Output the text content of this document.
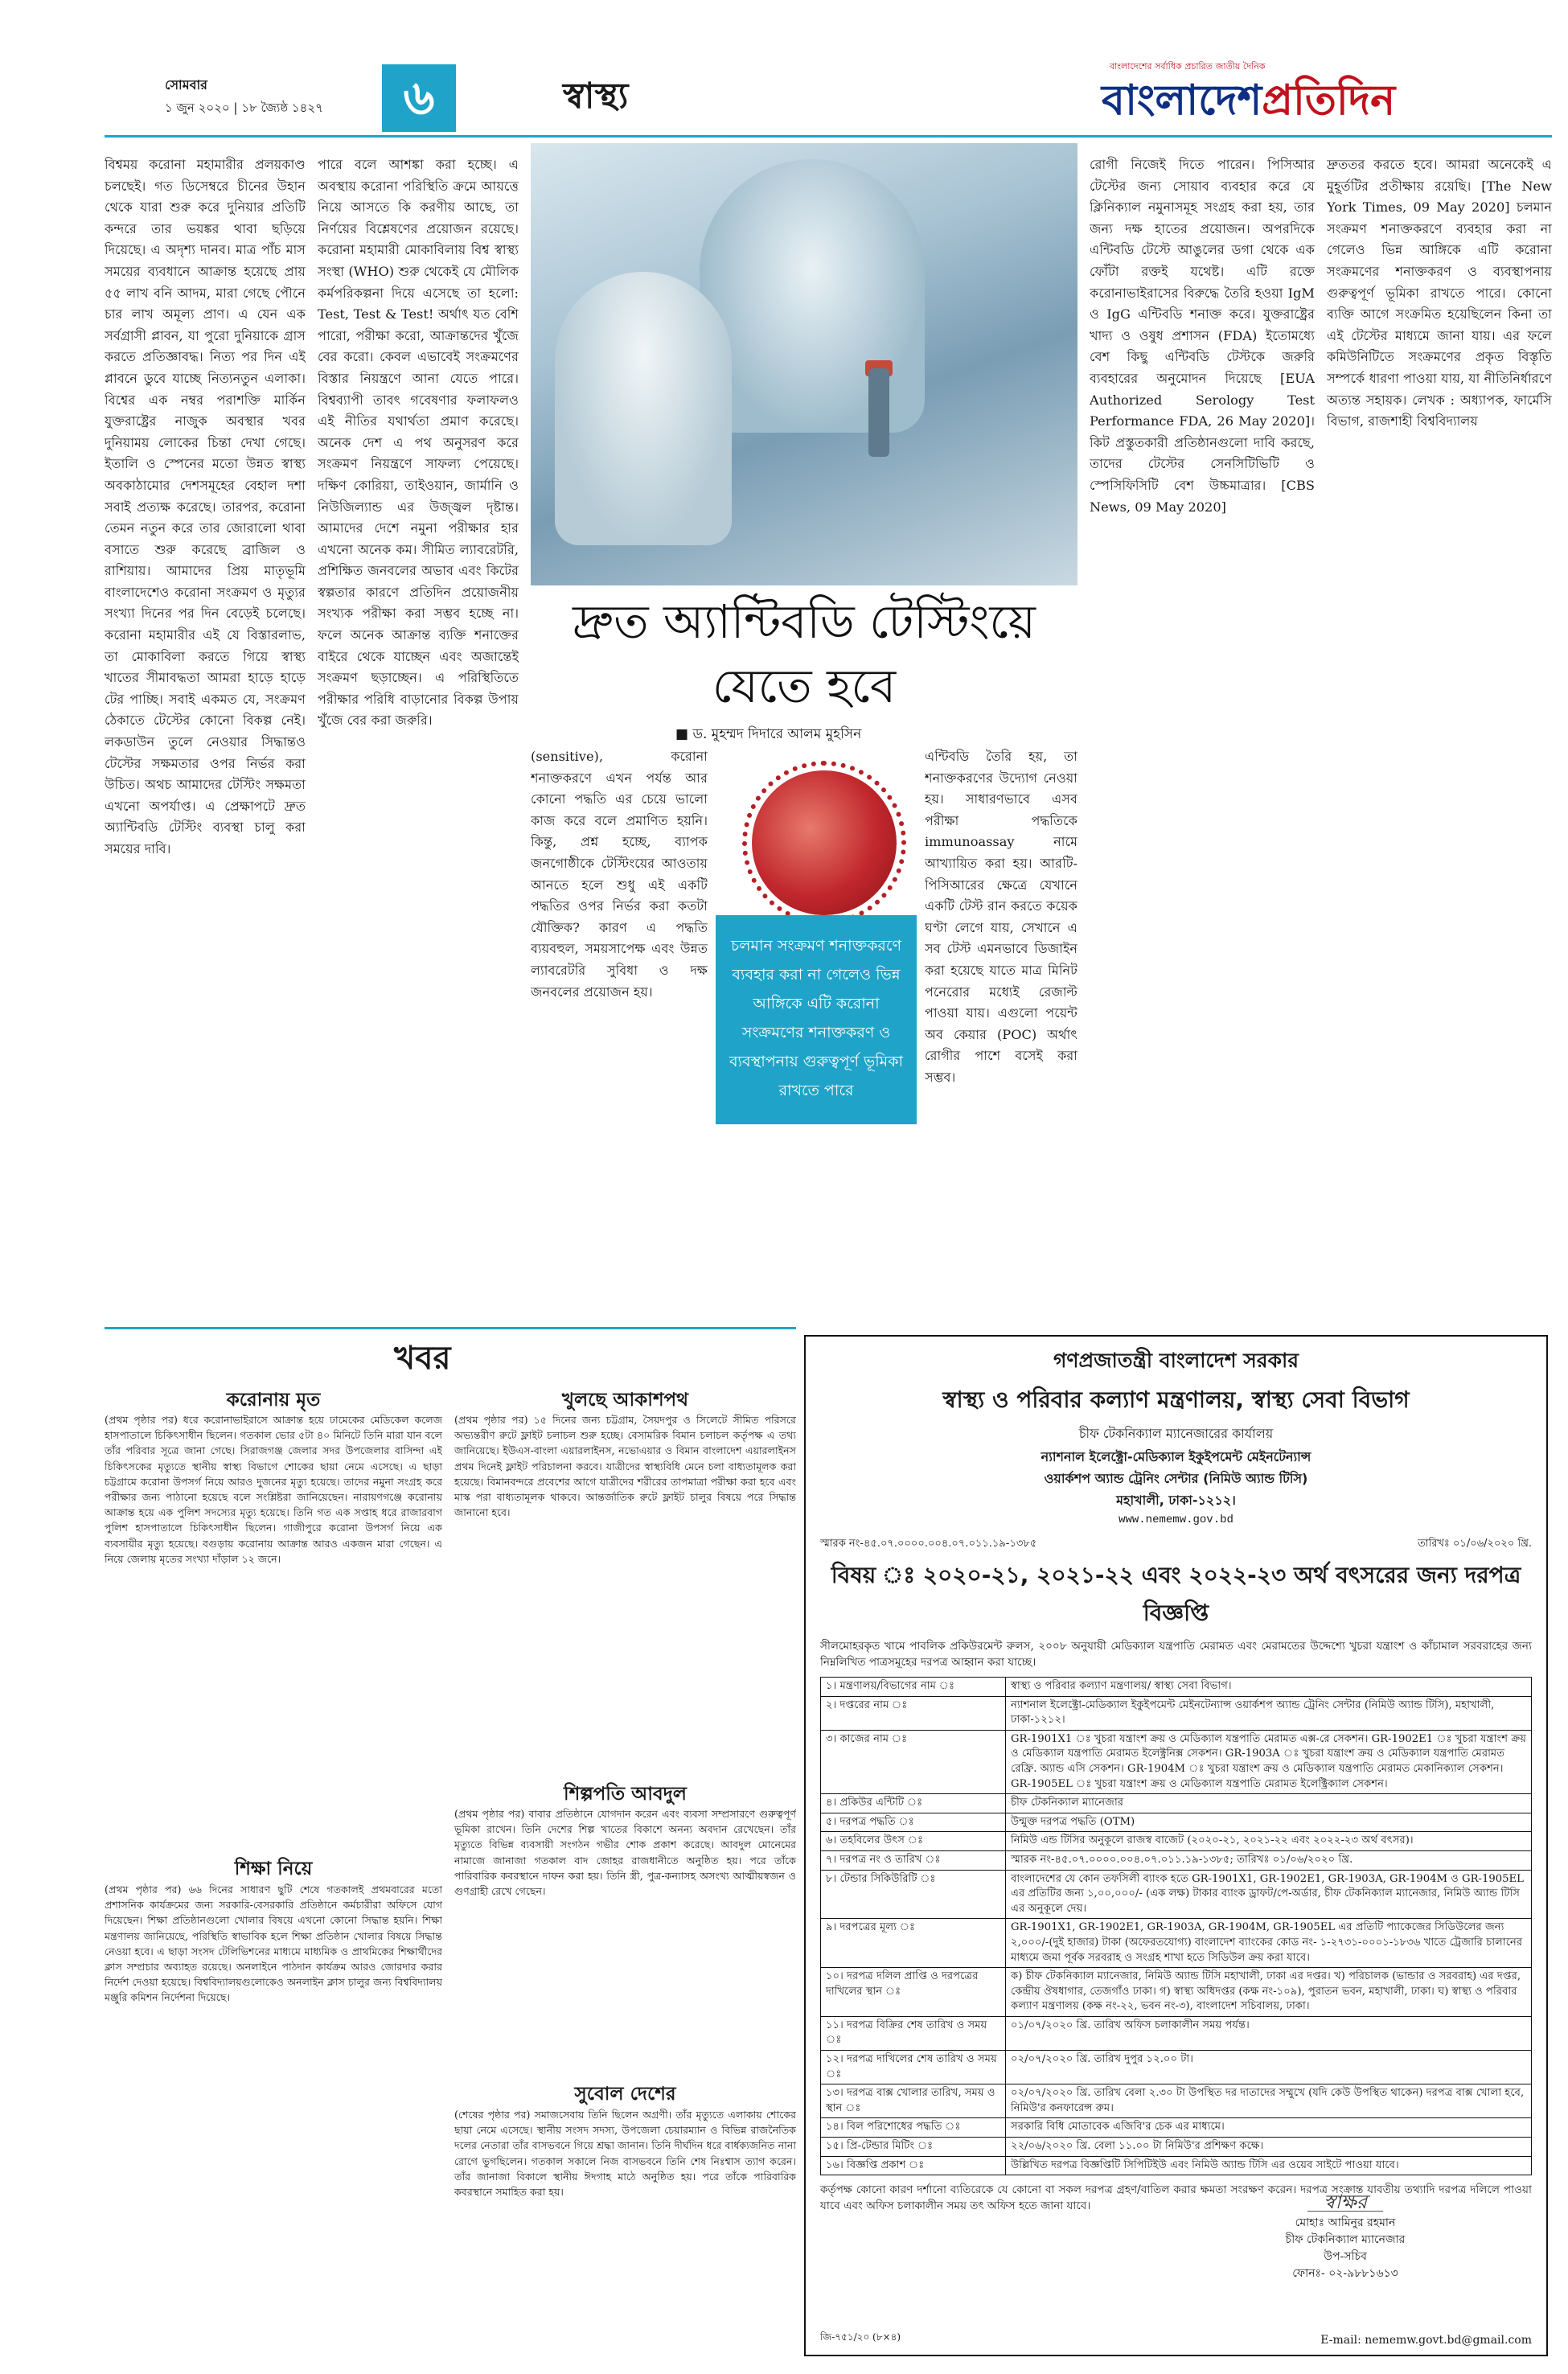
সোমবার
১ জুন ২০২০ | ১৮ জ্যৈষ্ঠ ১৪২৭	৬	স্বাস্থ্য
বাংলাদেশের সর্বাধিক প্রচারিত জাতীয় দৈনিক
বাংলাদেশপ্রতিদিন
বিশ্বময় করোনা মহামারীর প্রলয়কাণ্ড চলছেই। গত ডিসেম্বরে চীনের উহান থেকে যারা শুরু করে দুনিয়ার প্রতিটি কন্দরে তার ভয়ঙ্কর থাবা ছড়িয়ে দিয়েছে। এ অদৃশ্য দানব। মাত্র পাঁচ মাস সময়ের ব্যবধানে আক্রান্ত হয়েছে প্রায় ৫৫ লাখ বনি আদম, মারা গেছে পৌনে চার লাখ অমূল্য প্রাণ। এ যেন এক সর্বগ্রাসী প্লাবন, যা পুরো দুনিয়াকে গ্রাস করতে প্রতিজ্ঞাবদ্ধ। নিত্য পর দিন এই প্লাবনে ডুবে যাচ্ছে নিত্যনতুন এলাকা। বিশ্বের এক নম্বর পরাশক্তি মার্কিন যুক্তরাষ্ট্রের নাজুক অবস্থার খবর দুনিয়াময় লোকের চিন্তা দেখা গেছে। ইতালি ও স্পেনের মতো উন্নত স্বাস্থ্য অবকাঠামোর দেশসমূহের বেহাল দশা সবাই প্রত্যক্ষ করেছে। তারপর, করোনা তেমন নতুন করে তার জোরালো থাবা বসাতে শুরু করেছে ব্রাজিল ও রাশিয়ায়। আমাদের প্রিয় মাতৃভূমি বাংলাদেশেও করোনা সংক্রমণ ও মৃত্যুর সংখ্যা দিনের পর দিন বেড়েই চলেছে। করোনা মহামারীর এই যে বিস্তারলাভ, তা মোকাবিলা করতে গিয়ে স্বাস্থ্য খাতের সীমাবদ্ধতা আমরা হাড়ে হাড়ে টের পাচ্ছি। সবাই একমত যে, সংক্রমণ ঠেকাতে টেস্টের কোনো বিকল্প নেই। লকডাউন তুলে নেওয়ার সিদ্ধান্তও টেস্টের সক্ষমতার ওপর নির্ভর করা উচিত। অথচ আমাদের টেস্টিং সক্ষমতা এখনো অপর্যাপ্ত। এ প্রেক্ষাপটে দ্রুত অ্যান্টিবডি টেস্টিং ব্যবস্থা চালু করা সময়ের দাবি।
পারে বলে আশঙ্কা করা হচ্ছে। এ অবস্থায় করোনা পরিস্থিতি ক্রমে আয়ত্তে নিয়ে আসতে কি করণীয় আছে, তা নির্ণয়ের বিশ্লেষণের প্রয়োজন রয়েছে। করোনা মহামারী মোকাবিলায় বিশ্ব স্বাস্থ্য সংস্থা (WHO) শুরু থেকেই যে মৌলিক কর্মপরিকল্পনা দিয়ে এসেছে তা হলো: Test, Test & Test! অর্থাৎ যত বেশি পারো, পরীক্ষা করো, আক্রান্তদের খুঁজে বের করো। কেবল এভাবেই সংক্রমণের বিস্তার নিয়ন্ত্রণে আনা যেতে পারে। বিশ্বব্যাপী তাবৎ গবেষণার ফলাফলও এই নীতির যথার্থতা প্রমাণ করেছে। অনেক দেশ এ পথ অনুসরণ করে সংক্রমণ নিয়ন্ত্রণে সাফল্য পেয়েছে। দক্ষিণ কোরিয়া, তাইওয়ান, জার্মানি ও নিউজিল্যান্ড এর উজ্জ্বল দৃষ্টান্ত। আমাদের দেশে নমুনা পরীক্ষার হার এখনো অনেক কম। সীমিত ল্যাবরেটরি, প্রশিক্ষিত জনবলের অভাব এবং কিটের স্বল্পতার কারণে প্রতিদিন প্রয়োজনীয় সংখ্যক পরীক্ষা করা সম্ভব হচ্ছে না। ফলে অনেক আক্রান্ত ব্যক্তি শনাক্তের বাইরে থেকে যাচ্ছেন এবং অজান্তেই সংক্রমণ ছড়াচ্ছেন। এ পরিস্থিতিতে পরীক্ষার পরিধি বাড়ানোর বিকল্প উপায় খুঁজে বের করা জরুরি।
দ্রুত অ্যান্টিবডি টেস্টিংয়ে
যেতে হবে
■ ড. মুহম্মদ দিদারে আলম মুহসিন
(sensitive), করোনা শনাক্তকরণে এখন পর্যন্ত আর কোনো পদ্ধতি এর চেয়ে ভালো কাজ করে বলে প্রমাণিত হয়নি। কিন্তু, প্রশ্ন হচ্ছে, ব্যাপক জনগোষ্ঠীকে টেস্টিংয়ের আওতায় আনতে হলে শুধু এই একটি পদ্ধতির ওপর নির্ভর করা কতটা যৌক্তিক? কারণ এ পদ্ধতি ব্যয়বহুল, সময়সাপেক্ষ এবং উন্নত ল্যাবরেটরি সুবিধা ও দক্ষ জনবলের প্রয়োজন হয়।
চলমান সংক্রমণ শনাক্তকরণে ব্যবহার করা না গেলেও ভিন্ন আঙ্গিকে এটি করোনা সংক্রমণের শনাক্তকরণ ও ব্যবস্থাপনায় গুরুত্বপূর্ণ ভূমিকা রাখতে পারে
এন্টিবডি তৈরি হয়, তা শনাক্তকরণের উদ্যোগ নেওয়া হয়। সাধারণভাবে এসব পরীক্ষা পদ্ধতিকে immunoassay নামে আখ্যায়িত করা হয়। আরটি-পিসিআরের ক্ষেত্রে যেখানে একটি টেস্ট রান করতে কয়েক ঘণ্টা লেগে যায়, সেখানে এ সব টেস্ট এমনভাবে ডিজাইন করা হয়েছে যাতে মাত্র মিনিট পনেরোর মধ্যেই রেজাল্ট পাওয়া যায়। এগুলো পয়েন্ট অব কেয়ার (POC) অর্থাৎ রোগীর পাশে বসেই করা সম্ভব।
রোগী নিজেই দিতে পারেন। পিসিআর টেস্টের জন্য সোয়াব ব্যবহার করে যে ক্লিনিক্যাল নমুনাসমূহ সংগ্রহ করা হয়, তার জন্য দক্ষ হাতের প্রয়োজন। অপরদিকে এন্টিবডি টেস্টে আঙুলের ডগা থেকে এক ফোঁটা রক্তই যথেষ্ট। এটি রক্তে করোনাভাইরাসের বিরুদ্ধে তৈরি হওয়া IgM ও IgG এন্টিবডি শনাক্ত করে। যুক্তরাষ্ট্রের খাদ্য ও ওষুধ প্রশাসন (FDA) ইতোমধ্যে বেশ কিছু এন্টিবডি টেস্টকে জরুরি ব্যবহারের অনুমোদন দিয়েছে [EUA Authorized Serology Test Performance FDA, 26 May 2020]। কিট প্রস্তুতকারী প্রতিষ্ঠানগুলো দাবি করছে, তাদের টেস্টের সেনসিটিভিটি ও স্পেসিফিসিটি বেশ উচ্চমাত্রার। [CBS News, 09 May 2020]
দ্রুততর করতে হবে। আমরা অনেকেই এ মুহূর্তটির প্রতীক্ষায় রয়েছি। [The New York Times, 09 May 2020] চলমান সংক্রমণ শনাক্তকরণে ব্যবহার করা না গেলেও ভিন্ন আঙ্গিকে এটি করোনা সংক্রমণের শনাক্তকরণ ও ব্যবস্থাপনায় গুরুত্বপূর্ণ ভূমিকা রাখতে পারে। কোনো ব্যক্তি আগে সংক্রমিত হয়েছিলেন কিনা তা এই টেস্টের মাধ্যমে জানা যায়। এর ফলে কমিউনিটিতে সংক্রমণের প্রকৃত বিস্তৃতি সম্পর্কে ধারণা পাওয়া যায়, যা নীতিনির্ধারণে অত্যন্ত সহায়ক। লেখক : অধ্যাপক, ফার্মেসি বিভাগ, রাজশাহী বিশ্ববিদ্যালয়
খবর
করোনায় মৃত
(প্রথম পৃষ্ঠার পর) ধরে করোনাভাইরাসে আক্রান্ত হয়ে ঢামেকের মেডিকেল কলেজ হাসপাতালে চিকিৎসাধীন ছিলেন। গতকাল ভোর ৫টা ৪০ মিনিটে তিনি মারা যান বলে তাঁর পরিবার সূত্রে জানা গেছে। সিরাজগঞ্জ জেলার সদর উপজেলার বাসিন্দা এই চিকিৎসকের মৃত্যুতে স্থানীয় স্বাস্থ্য বিভাগে শোকের ছায়া নেমে এসেছে। এ ছাড়া চট্টগ্রামে করোনা উপসর্গ নিয়ে আরও দুজনের মৃত্যু হয়েছে। তাদের নমুনা সংগ্রহ করে পরীক্ষার জন্য পাঠানো হয়েছে বলে সংশ্লিষ্টরা জানিয়েছেন। নারায়ণগঞ্জে করোনায় আক্রান্ত হয়ে এক পুলিশ সদস্যের মৃত্যু হয়েছে। তিনি গত এক সপ্তাহ ধরে রাজারবাগ পুলিশ হাসপাতালে চিকিৎসাধীন ছিলেন। গাজীপুরে করোনা উপসর্গ নিয়ে এক ব্যবসায়ীর মৃত্যু হয়েছে। বগুড়ায় করোনায় আক্রান্ত আরও একজন মারা গেছেন। এ নিয়ে জেলায় মৃতের সংখ্যা দাঁড়াল ১২ জনে।
শিক্ষা নিয়ে
(প্রথম পৃষ্ঠার পর) ৬৬ দিনের সাধারণ ছুটি শেষে গতকালই প্রথমবারের মতো প্রশাসনিক কার্যক্রমের জন্য সরকারি-বেসরকারি প্রতিষ্ঠানে কর্মচারীরা অফিসে যোগ দিয়েছেন। শিক্ষা প্রতিষ্ঠানগুলো খোলার বিষয়ে এখনো কোনো সিদ্ধান্ত হয়নি। শিক্ষা মন্ত্রণালয় জানিয়েছে, পরিস্থিতি স্বাভাবিক হলে শিক্ষা প্রতিষ্ঠান খোলার বিষয়ে সিদ্ধান্ত নেওয়া হবে। এ ছাড়া সংসদ টেলিভিশনের মাধ্যমে মাধ্যমিক ও প্রাথমিকের শিক্ষার্থীদের ক্লাস সম্প্রচার অব্যাহত রয়েছে। অনলাইনে পাঠদান কার্যক্রম আরও জোরদার করার নির্দেশ দেওয়া হয়েছে। বিশ্ববিদ্যালয়গুলোকেও অনলাইন ক্লাস চালুর জন্য বিশ্ববিদ্যালয় মঞ্জুরি কমিশন নির্দেশনা দিয়েছে।
খুলছে আকাশপথ
(প্রথম পৃষ্ঠার পর) ১৫ দিনের জন্য চট্টগ্রাম, সৈয়দপুর ও সিলেটে সীমিত পরিসরে অভ্যন্তরীণ রুটে ফ্লাইট চলাচল শুরু হচ্ছে। বেসামরিক বিমান চলাচল কর্তৃপক্ষ এ তথ্য জানিয়েছে। ইউএস-বাংলা এয়ারলাইনস, নভোএয়ার ও বিমান বাংলাদেশ এয়ারলাইনস প্রথম দিনেই ফ্লাইট পরিচালনা করবে। যাত্রীদের স্বাস্থ্যবিধি মেনে চলা বাধ্যতামূলক করা হয়েছে। বিমানবন্দরে প্রবেশের আগে যাত্রীদের শরীরের তাপমাত্রা পরীক্ষা করা হবে এবং মাস্ক পরা বাধ্যতামূলক থাকবে। আন্তর্জাতিক রুটে ফ্লাইট চালুর বিষয়ে পরে সিদ্ধান্ত জানানো হবে।
শিল্পপতি আবদুল
(প্রথম পৃষ্ঠার পর) বাবার প্রতিষ্ঠানে যোগদান করেন এবং ব্যবসা সম্প্রসারণে গুরুত্বপূর্ণ ভূমিকা রাখেন। তিনি দেশের শিল্প খাতের বিকাশে অনন্য অবদান রেখেছেন। তাঁর মৃত্যুতে বিভিন্ন ব্যবসায়ী সংগঠন গভীর শোক প্রকাশ করেছে। আবদুল মোনেমের নামাজে জানাজা গতকাল বাদ জোহর রাজধানীতে অনুষ্ঠিত হয়। পরে তাঁকে পারিবারিক কবরস্থানে দাফন করা হয়। তিনি স্ত্রী, পুত্র-কন্যাসহ অসংখ্য আত্মীয়স্বজন ও গুণগ্রাহী রেখে গেছেন।
সুবোল দেশের
(শেষের পৃষ্ঠার পর) সমাজসেবায় তিনি ছিলেন অগ্রণী। তাঁর মৃত্যুতে এলাকায় শোকের ছায়া নেমে এসেছে। স্থানীয় সংসদ সদস্য, উপজেলা চেয়ারম্যান ও বিভিন্ন রাজনৈতিক দলের নেতারা তাঁর বাসভবনে গিয়ে শ্রদ্ধা জানান। তিনি দীর্ঘদিন ধরে বার্ধক্যজনিত নানা রোগে ভুগছিলেন। গতকাল সকালে নিজ বাসভবনে তিনি শেষ নিঃশ্বাস ত্যাগ করেন। তাঁর জানাজা বিকালে স্থানীয় ঈদগাহ মাঠে অনুষ্ঠিত হয়। পরে তাঁকে পারিবারিক কবরস্থানে সমাহিত করা হয়।
গণপ্রজাতন্ত্রী বাংলাদেশ সরকার
স্বাস্থ্য ও পরিবার কল্যাণ মন্ত্রণালয়, স্বাস্থ্য সেবা বিভাগ
চীফ টেকনিক্যাল ম্যানেজারের কার্যালয়
ন্যাশনাল ইলেক্ট্রো-মেডিক্যাল ইকুইপমেন্ট মেইনটেন্যান্স
ওয়ার্কশপ অ্যান্ড ট্রেনিং সেন্টার (নিমিউ অ্যান্ড টিসি)
মহাখালী, ঢাকা-১২১২।
www.nememw.gov.bd
স্মারক নং-৪৫.০৭.০০০০.০০৪.০৭.০১১.১৯-১৩৮৫	তারিখঃ ০১/০৬/২০২০ খ্রি.
বিষয় ঃ ২০২০-২১, ২০২১-২২ এবং ২০২২-২৩ অর্থ বৎসরের জন্য দরপত্র বিজ্ঞপ্তি
সীলমোহরকৃত খামে পাবলিক প্রকিউরমেন্ট রুলস, ২০০৮ অনুযায়ী মেডিক্যাল যন্ত্রপাতি মেরামত এবং মেরামতের উদ্দেশ্যে খুচরা যন্ত্রাংশ ও কাঁচামাল সরবরাহের জন্য নিম্নলিখিত পাত্রসমূহের দরপত্র আহ্বান করা যাচ্ছে।
১। মন্ত্রণালয়/বিভাগের নাম ঃ	স্বাস্থ্য ও পরিবার কল্যাণ মন্ত্রণালয়/ স্বাস্থ্য সেবা বিভাগ।
২। দপ্তরের নাম ঃ	ন্যাশনাল ইলেক্ট্রো-মেডিক্যাল ইকুইপমেন্ট মেইনটেন্যান্স ওয়ার্কশপ অ্যান্ড ট্রেনিং সেন্টার (নিমিউ অ্যান্ড টিসি), মহাখালী, ঢাকা-১২১২।
৩। কাজের নাম ঃ	GR-1901X1 ঃ খুচরা যন্ত্রাংশ ক্রয় ও মেডিক্যাল যন্ত্রপাতি মেরামত এক্স-রে সেকশন। GR-1902E1 ঃ খুচরা যন্ত্রাংশ ক্রয় ও মেডিক্যাল যন্ত্রপাতি মেরামত ইলেক্ট্রনিক্স সেকশন। GR-1903A ঃ খুচরা যন্ত্রাংশ ক্রয় ও মেডিক্যাল যন্ত্রপাতি মেরামত রেফ্রি. অ্যান্ড এসি সেকশন। GR-1904M ঃ খুচরা যন্ত্রাংশ ক্রয় ও মেডিক্যাল যন্ত্রপাতি মেরামত মেকানিক্যাল সেকশন। GR-1905EL ঃ খুচরা যন্ত্রাংশ ক্রয় ও মেডিক্যাল যন্ত্রপাতি মেরামত ইলেক্ট্রিক্যাল সেকশন।
৪। প্রকিউর এন্টিটি ঃ	চীফ টেকনিক্যাল ম্যানেজার
৫। দরপত্র পদ্ধতি ঃ	উন্মুক্ত দরপত্র পদ্ধতি (OTM)
৬। তহবিলের উৎস ঃ	নিমিউ এন্ড টিসির অনুকূলে রাজস্ব বাজেট (২০২০-২১, ২০২১-২২ এবং ২০২২-২৩ অর্থ বৎসর)।
৭। দরপত্র নং ও তারিখ ঃ	স্মারক নং-৪৫.০৭.০০০০.০০৪.০৭.০১১.১৯-১৩৮৫; তারিখঃ ০১/০৬/২০২০ খ্রি.
৮। টেন্ডার সিকিউরিটি ঃ	বাংলাদেশের যে কোন তফসিলী ব্যাংক হতে GR-1901X1, GR-1902E1, GR-1903A, GR-1904M ও GR-1905EL এর প্রতিটির জন্য ১,০০,০০০/- (এক লক্ষ) টাকার ব্যাংক ড্রাফট/পে-অর্ডার, চীফ টেকনিক্যাল ম্যানেজার, নিমিউ অ্যান্ড টিসি এর অনুকূলে দেয়।
৯। দরপত্রের মূল্য ঃ	GR-1901X1, GR-1902E1, GR-1903A, GR-1904M, GR-1905EL এর প্রতিটি প্যাকেজের সিডিউলের জন্য ২,০০০/-(দুই হাজার) টাকা (অফেরতযোগ্য) বাংলাদেশ ব্যাংকের কোড নং- ১-২৭৩১-০০০১-১৮৩৬ খাতে ট্রেজারি চালানের মাধ্যমে জমা পূর্বক সরবরাহ ও সংগ্রহ শাখা হতে সিডিউল ক্রয় করা যাবে।
১০। দরপত্র দলিল প্রাপ্তি ও দরপত্রের দাখিলের স্থান ঃ	ক) চীফ টেকনিক্যাল ম্যানেজার, নিমিউ অ্যান্ড টিসি মহাখালী, ঢাকা এর দপ্তর। খ) পরিচালক (ভান্ডার ও সরবরাহ) এর দপ্তর, কেন্দ্রীয় ঔষধাগার, তেজগাঁও ঢাকা। গ) স্বাস্থ্য অধিদপ্তর (কক্ষ নং-১০৯), পুরাতন ভবন, মহাখালী, ঢাকা। ঘ) স্বাস্থ্য ও পরিবার কল্যাণ মন্ত্রণালয় (কক্ষ নং-২২, ভবন নং-৩), বাংলাদেশ সচিবালয়, ঢাকা।
১১। দরপত্র বিক্রির শেষ তারিখ ও সময় ঃ	০১/০৭/২০২০ খ্রি. তারিখ অফিস চলাকালীন সময় পর্যন্ত।
১২। দরপত্র দাখিলের শেষ তারিখ ও সময় ঃ	০২/০৭/২০২০ খ্রি. তারিখ দুপুর ১২.০০ টা।
১৩। দরপত্র বাক্স খোলার তারিখ, সময় ও স্থান ঃ	০২/০৭/২০২০ খ্রি. তারিখ বেলা ২.৩০ টা উপস্থিত দর দাতাদের সম্মুখে (যদি কেউ উপস্থিত থাকেন) দরপত্র বাক্স খোলা হবে, নিমিউ'র কনফারেন্স রুম।
১৪। বিল পরিশোধের পদ্ধতি ঃ	সরকারি বিধি মোতাবেক এজিবি'র চেক এর মাধ্যমে।
১৫। প্রি-টেন্ডার মিটিং ঃ	২২/০৬/২০২০ খ্রি. বেলা ১১.০০ টা নিমিউ'র প্রশিক্ষণ কক্ষে।
১৬। বিজ্ঞপ্তি প্রকাশ ঃ	উল্লিখিত দরপত্র বিজ্ঞপ্তিটি সিপিটিইউ এবং নিমিউ অ্যান্ড টিসি এর ওয়েব সাইটে পাওয়া যাবে।
কর্তৃপক্ষ কোনো কারণ দর্শানো ব্যতিরেকে যে কোনো বা সকল দরপত্র গ্রহণ/বাতিল করার ক্ষমতা সংরক্ষণ করেন। দরপত্র সংক্রান্ত যাবতীয় তথ্যাদি দরপত্র দলিলে পাওয়া যাবে এবং অফিস চলাকালীন সময় তৎ অফিস হতে জানা যাবে।	স্বাক্ষর
মোহাঃ আমিনুর রহমান
চীফ টেকনিক্যাল ম্যানেজার
উপ-সচিব
ফোনঃ- ০২-৯৮৮১৬১৩
জি-৭৫১/২০ (৮×৪)	E-mail: nememw.govt.bd@gmail.com
